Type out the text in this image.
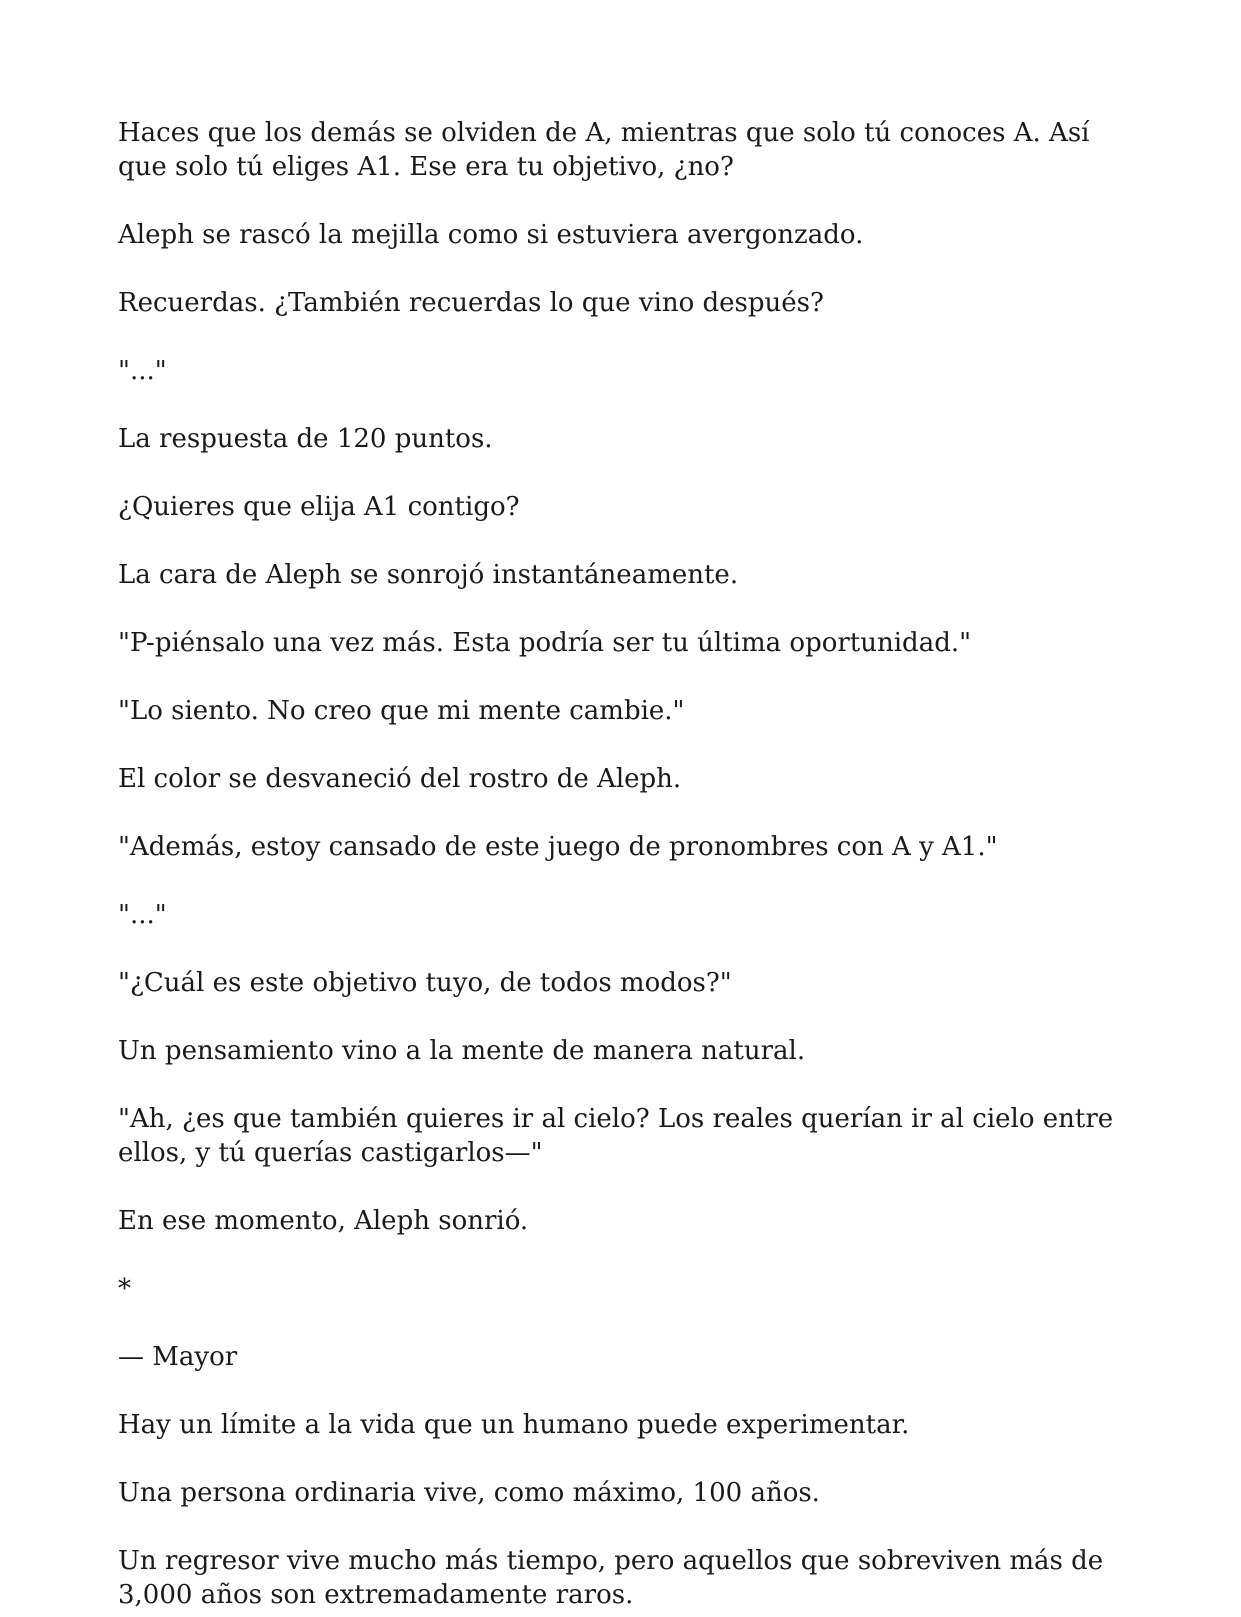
Haces que los demás se olviden de A, mientras que solo tú conoces A. Así que solo tú eliges A1. Ese era tu objetivo, ¿no?

Aleph se rascó la mejilla como si estuviera avergonzado.

Recuerdas. ¿También recuerdas lo que vino después?

"..."

La respuesta de 120 puntos.

¿Quieres que elija A1 contigo?

La cara de Aleph se sonrojó instantáneamente.

"P-piénsalo una vez más. Esta podría ser tu última oportunidad."

"Lo siento. No creo que mi mente cambie."

El color se desvaneció del rostro de Aleph.

"Además, estoy cansado de este juego de pronombres con A y A1."

"..."

"¿Cuál es este objetivo tuyo, de todos modos?"

Un pensamiento vino a la mente de manera natural.

"Ah, ¿es que también quieres ir al cielo? Los reales querían ir al cielo entre ellos, y tú querías castigarlos—"

En ese momento, Aleph sonrió.

*

— Mayor

Hay un límite a la vida que un humano puede experimentar.

Una persona ordinaria vive, como máximo, 100 años.

Un regresor vive mucho más tiempo, pero aquellos que sobreviven más de 3,000 años son extremadamente raros.
